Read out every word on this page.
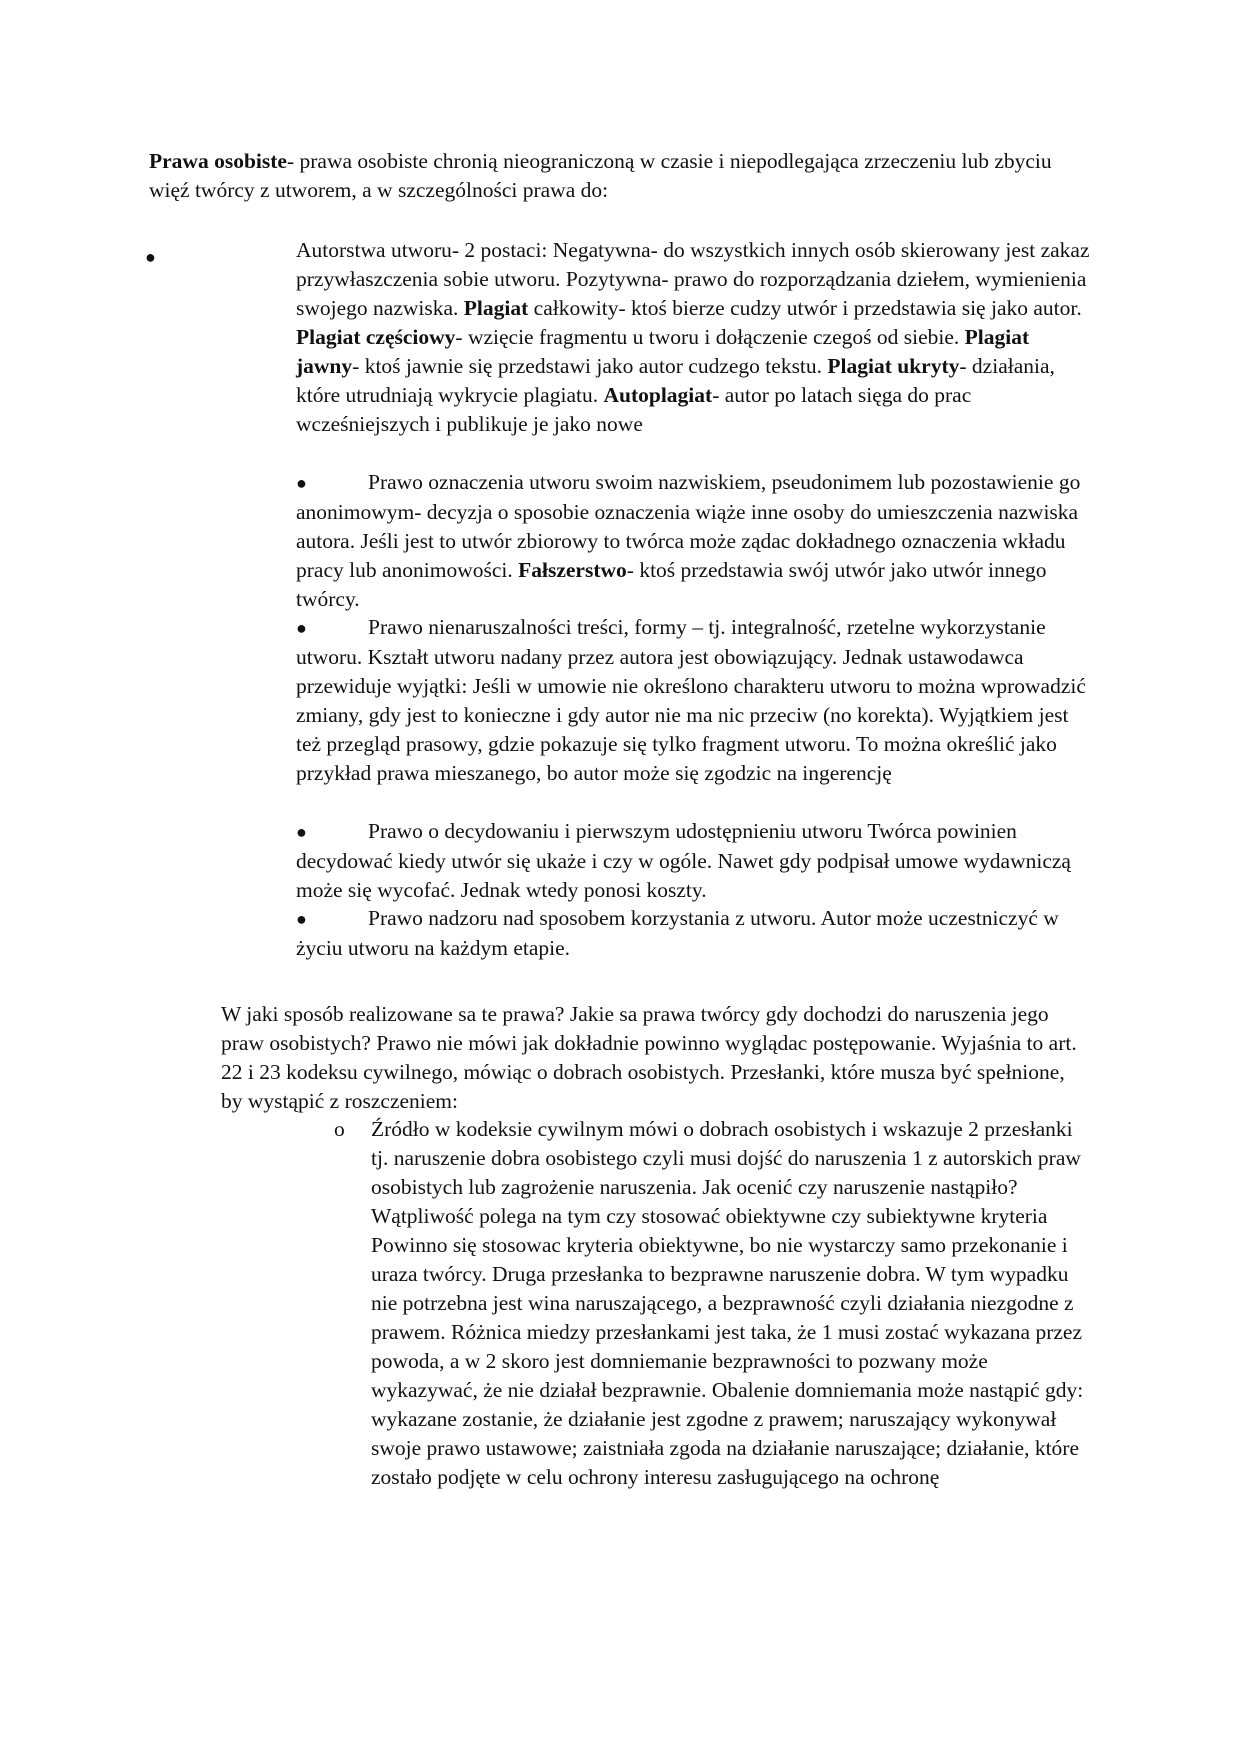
Prawa osobiste- prawa osobiste chronią nieograniczoną w czasie i niepodlegająca zrzeczeniu lub zbyciu więź twórcy z utworem, a w szczególności prawa do:

●	Autorstwa utworu- 2 postaci: Negatywna- do wszystkich innych osób skierowany jest zakaz przywłaszczenia sobie utworu. Pozytywna- prawo do rozporządzania dziełem, wymienienia swojego nazwiska. Plagiat całkowity- ktoś bierze cudzy utwór i przedstawia się jako autor. Plagiat częściowy- wzięcie fragmentu u tworu i dołączenie czegoś od siebie. Plagiat jawny- ktoś jawnie się przedstawi jako autor cudzego tekstu. Plagiat ukryty- działania, które utrudniają wykrycie plagiatu. Autoplagiat- autor po latach sięga do prac wcześniejszych i publikuje je jako nowe

●	Prawo oznaczenia utworu swoim nazwiskiem, pseudonimem lub pozostawienie go anonimowym- decyzja o sposobie oznaczenia wiąże inne osoby do umieszczenia nazwiska autora. Jeśli jest to utwór zbiorowy to twórca może ządac dokładnego oznaczenia wkładu pracy lub anonimowości. Fałszerstwo- ktoś przedstawia swój utwór jako utwór innego twórcy.

●	Prawo nienaruszalności treści, formy – tj. integralność, rzetelne wykorzystanie utworu. Kształt utworu nadany przez autora jest obowiązujący. Jednak ustawodawca przewiduje wyjątki: Jeśli w umowie nie określono charakteru utworu to można wprowadzić zmiany, gdy jest to konieczne i gdy autor nie ma nic przeciw (no korekta). Wyjątkiem jest też przegląd prasowy, gdzie pokazuje się tylko fragment utworu. To można określić jako przykład prawa mieszanego, bo autor może się zgodzic na ingerencję

●	Prawo o decydowaniu i pierwszym udostępnieniu utworu Twórca powinien decydować kiedy utwór się ukaże i czy w ogóle. Nawet gdy podpisał umowe wydawniczą może się wycofać. Jednak wtedy ponosi koszty.

●	Prawo nadzoru nad sposobem korzystania z utworu. Autor może uczestniczyć w życiu utworu na każdym etapie.

W jaki sposób realizowane sa te prawa? Jakie sa prawa twórcy gdy dochodzi do naruszenia jego praw osobistych? Prawo nie mówi jak dokładnie powinno wyglądac postępowanie. Wyjaśnia to art. 22 i 23 kodeksu cywilnego, mówiąc o dobrach osobistych. Przesłanki, które musza być spełnione, by wystąpić z roszczeniem:

o Źródło w kodeksie cywilnym mówi o dobrach osobistych i wskazuje 2 przesłanki tj. naruszenie dobra osobistego czyli musi dojść do naruszenia 1 z autorskich praw osobistych lub zagrożenie naruszenia. Jak ocenić czy naruszenie nastąpiło? Wątpliwość polega na tym czy stosować obiektywne czy subiektywne kryteria Powinno się stosowac kryteria obiektywne, bo nie wystarczy samo przekonanie i uraza twórcy. Druga przesłanka to bezprawne naruszenie dobra. W tym wypadku nie potrzebna jest wina naruszającego, a bezprawność czyli działania niezgodne z prawem. Różnica miedzy przesłankami jest taka, że 1 musi zostać wykazana przez powoda, a w 2 skoro jest domniemanie bezprawności to pozwany może wykazywać, że nie działał bezprawnie. Obalenie domniemania może nastąpić gdy: wykazane zostanie, że działanie jest zgodne z prawem; naruszający wykonywał swoje prawo ustawowe; zaistniała zgoda na działanie naruszające; działanie, które zostało podjęte w celu ochrony interesu zasługującego na ochronę
